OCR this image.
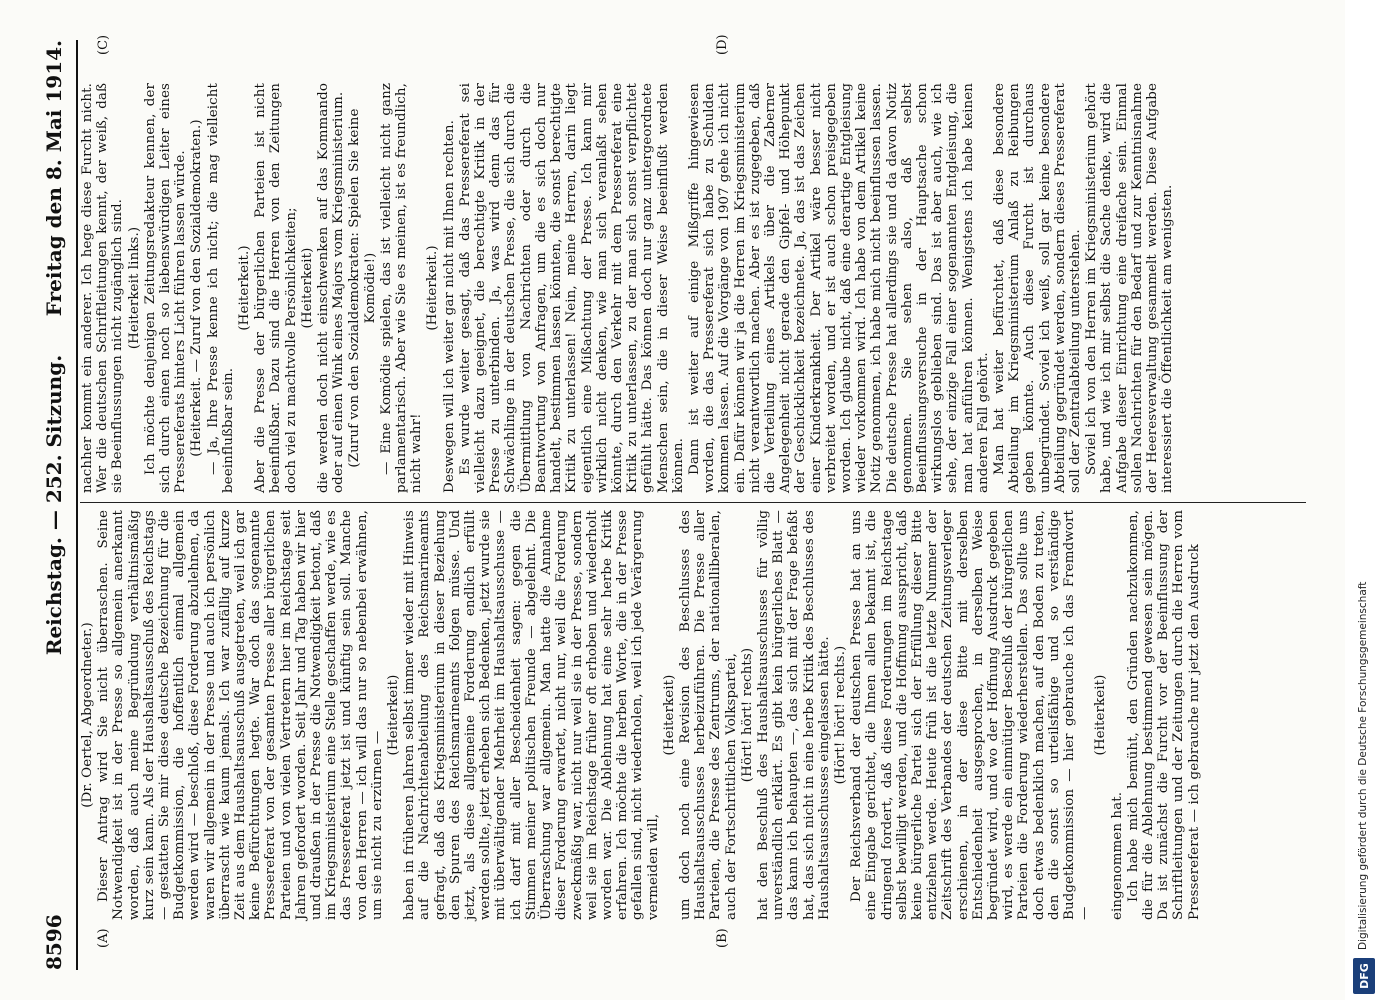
8596
Reichstag. — 252. Sitzung.
Freitag den 8. Mai 1914.
(A)	(B)
(C)	(D)

(Dr. Oertel, Abgeordneter.) Dieser Antrag wird Sie nicht überraschen. Seine Notwendigkeit ist in der Presse so allgemein anerkannt worden, daß auch meine Begründung verhältnismäßig kurz sein kann. Als der Haushaltsausschuß des Reichstags — gestatten Sie mir diese deutsche Bezeichnung für die Budgetkommission, die hoffentlich einmal allgemein werden wird — beschloß, diese Forderung abzulehnen, da waren wir allgemein in der Presse und auch ich persönlich überrascht wie kaum jemals. Ich war zufällig auf kurze Zeit aus dem Haushaltsausschuß ausgetreten, weil ich gar keine Befürchtungen hegte. War doch das sogenannte Pressereferat von der gesamten Presse aller bürgerlichen Parteien und von vielen Vertretern hier im Reichstage seit Jahren gefordert worden. Seit Jahr und Tag haben wir hier und draußen in der Presse die Notwendigkeit betont, daß im Kriegsministerium eine Stelle geschaffen werde, wie es das Pressereferat jetzt ist und künftig sein soll. Manche von den Herren — ich will das nur so nebenbei erwähnen, um sie nicht zu erzürnen —

(Heiterkeit) haben in früheren Jahren selbst immer wieder mit Hinweis auf die Nachrichtenabteilung des Reichsmarineamts gefragt, daß das Kriegsministerium in dieser Beziehung den Spuren des Reichsmarineamts folgen müsse. Und jetzt, als diese allgemeine Forderung endlich erfüllt werden sollte, jetzt erheben sich Bedenken, jetzt wurde sie mit überwältigender Mehrheit im Haushaltsausschusse — ich darf mit aller Bescheidenheit sagen: gegen die Stimmen meiner politischen Freunde — abgelehnt. Die Überraschung war allgemein. Man hatte die Annahme dieser Forderung erwartet, nicht nur, weil die Forderung zweckmäßig war, nicht nur weil sie in der Presse, sondern weil sie im Reichstage früher oft erhoben und wiederholt worden war. Die Ablehnung hat eine sehr herbe Kritik erfahren. Ich möchte die herben Worte, die in der Presse gefallen sind, nicht wiederholen, weil ich jede Verärgerung vermeiden will,

(Heiterkeit) um doch noch eine Revision des Beschlusses des Haushaltsausschusses herbeizuführen. Die Presse aller Parteien, die Presse des Zentrums, der nationalliberalen, auch der Fortschrittlichen Volkspartei, (Hört! hört! rechts) hat den Beschluß des Haushaltsausschusses für völlig unverständlich erklärt. Es gibt kein bürgerliches Blatt — das kann ich behaupten —, das sich mit der Frage befaßt hat, das sich nicht in eine herbe Kritik des Beschlusses des Haushaltsausschusses eingelassen hätte. (Hört! hört! rechts.) Der Reichsverband der deutschen Presse hat an uns eine Eingabe gerichtet, die Ihnen allen bekannt ist, die dringend fordert, daß diese Forderungen im Reichstage selbst bewilligt werden, und die Hoffnung ausspricht, daß keine bürgerliche Partei sich der Erfüllung dieser Bitte entziehen werde. Heute früh ist die letzte Nummer der Zeitschrift des Verbandes der deutschen Zeitungsverleger erschienen, in der diese Bitte mit derselben Entschiedenheit ausgesprochen, in derselben Weise begründet wird, und wo der Hoffnung Ausdruck gegeben wird, es werde ein einmütiger Beschluß der bürgerlichen Parteien die Forderung wiederherstellen. Das sollte uns doch etwas bedenklich machen, auf den Boden zu treten, den die sonst so urteilsfähige und so verständige Budgetkommission — hier gebrauche ich das Fremdwort —

(Heiterkeit)

eingenommen hat. Ich habe mich bemüht, den Gründen nachzukommen, die für die Ablehnung bestimmend gewesen sein mögen. Da ist zunächst die Furcht vor der Beeinflussung der Schriftleitungen und der Zeitungen durch die Herren vom Pressereferat — ich gebrauche nur jetzt den Ausdruck

nachher kommt ein anderer. Ich hege diese Furcht nicht. Wer die deutschen Schriftleitungen kennt, der weiß, daß sie Beeinflussungen nicht zugänglich sind. (Heiterkeit links.) Ich möchte denjenigen Zeitungsredakteur kennen, der sich durch einen noch so liebenswürdigen Leiter eines Pressereferats hinters Licht führen lassen würde. (Heiterkeit. — Zuruf von den Sozialdemokraten.) — Ja, Ihre Presse kenne ich nicht; die mag vielleicht beeinflußbar sein.

(Heiterkeit.) Aber die Presse der bürgerlichen Parteien ist nicht beeinflußbar. Dazu sind die Herren von den Zeitungen doch viel zu machtvolle Persönlichkeiten; (Heiterkeit) die werden doch nicht einschwenken auf das Kommando oder auf einen Wink eines Majors vom Kriegsministerium. (Zuruf von den Sozialdemokraten: Spielen Sie keine Komödie!) — Eine Komödie spielen, das ist vielleicht nicht ganz parlamentarisch. Aber wie Sie es meinen, ist es freundlich, nicht wahr!

(Heiterkeit.) Deswegen will ich weiter gar nicht mit Ihnen rechten. Es wurde weiter gesagt, daß das Pressereferat sei vielleicht dazu geeignet, die berechtigte Kritik in der Presse zu unterbinden. Ja, was wird denn das für Schwächlinge in der deutschen Presse, die sich durch die Übermittlung von Nachrichten oder durch die Beantwortung von Anfragen, um die es sich doch nur handelt, bestimmen lassen könnten, die sonst berechtigte Kritik zu unterlassen! Nein, meine Herren, darin liegt eigentlich eine Mißachtung der Presse. Ich kann mir wirklich nicht denken, wie man sich veranlaßt sehen könnte, durch den Verkehr mit dem Pressereferat eine Kritik zu unterlassen, zu der man sich sonst verpflichtet gefühlt hätte. Das können doch nur ganz untergeordnete Menschen sein, die in dieser Weise beeinflußt werden können. Dann ist weiter auf einige Mißgriffe hingewiesen worden, die das Pressereferat sich habe zu Schulden kommen lassen. Auf die Vorgänge von 1907 gehe ich nicht ein. Dafür können wir ja die Herren im Kriegsministerium nicht verantwortlich machen. Aber es ist zugegeben, daß die Verteilung eines Artikels über die Zaberner Angelegenheit nicht gerade den Gipfel- und Höhepunkt der Geschicklichkeit bezeichnete. Ja, das ist das Zeichen einer Kinderkrankheit. Der Artikel wäre besser nicht verbreitet worden, und er ist auch schon preisgegeben worden. Ich glaube nicht, daß eine derartige Entgleisung wieder vorkommen wird. Ich habe von dem Artikel keine Notiz genommen, ich habe mich nicht beeinflussen lassen. Die deutsche Presse hat allerdings sie und da davon Notiz genommen. Sie sehen also, daß selbst Beeinflussungsversuche in der Hauptsache schon wirkungslos geblieben sind. Das ist aber auch, wie ich sehe, der einzige Fall einer sogenannten Entgleisung, die man hat anführen können. Wenigstens ich habe keinen anderen Fall gehört. Man hat weiter befürchtet, daß diese besondere Abteilung im Kriegsministerium Anlaß zu Reibungen geben könnte. Auch diese Furcht ist durchaus unbegründet. Soviel ich weiß, soll gar keine besondere Abteilung gegründet werden, sondern dieses Pressereferat soll der Zentralabteilung unterstehen. Soviel ich von den Herren im Kriegsministerium gehört habe, und wie ich mir selbst die Sache denke, wird die Aufgabe dieser Einrichtung eine dreifache sein. Einmal sollen Nachrichten für den Bedarf und zur Kenntnisnahme der Heeresverwaltung gesammelt werden. Diese Aufgabe interessiert die Öffentlichkeit am wenigsten.

DFG
Digitalisierung gefördert durch die Deutsche Forschungsgemeinschaft
